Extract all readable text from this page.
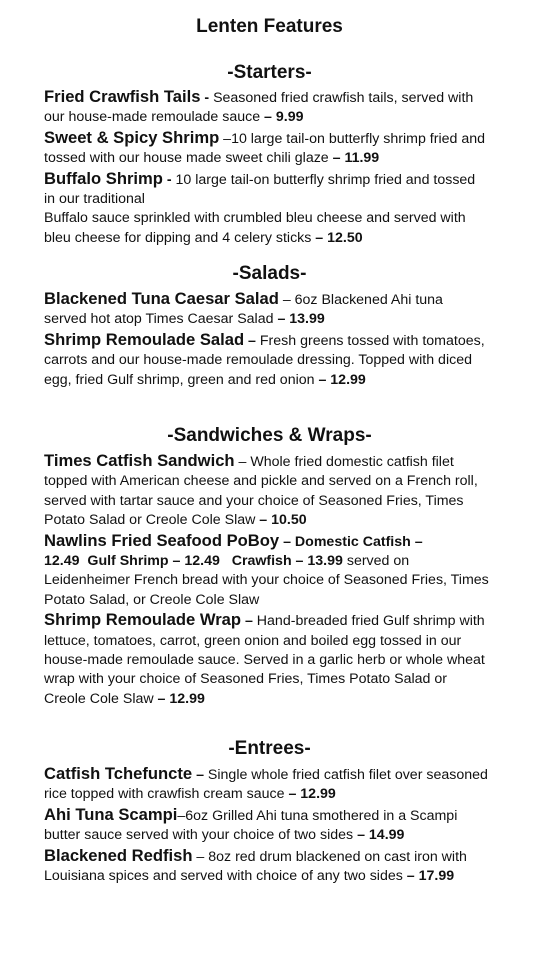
Lenten Features
-Starters-

Fried Crawfish Tails - Seasoned fried crawfish tails, served with our house-made remoulade sauce – 9.99

Sweet & Spicy Shrimp –10 large tail-on butterfly shrimp fried and tossed with our house made sweet chili glaze – 11.99

Buffalo Shrimp - 10 large tail-on butterfly shrimp fried and tossed in our traditional
Buffalo sauce sprinkled with crumbled bleu cheese and served with bleu cheese for dipping and 4 celery sticks – 12.50

-Salads-

Blackened Tuna Caesar Salad – 6oz Blackened Ahi tuna served hot atop Times Caesar Salad – 13.99

Shrimp Remoulade Salad – Fresh greens tossed with tomatoes, carrots and our house-made remoulade dressing. Topped with diced egg, fried Gulf shrimp, green and red onion – 12.99

-Sandwiches & Wraps-

Times Catfish Sandwich – Whole fried domestic catfish filet topped with American cheese and pickle and served on a French roll, served with tartar sauce and your choice of Seasoned Fries, Times Potato Salad or Creole Cole Slaw – 10.50

Nawlins Fried Seafood PoBoy – Domestic Catfish – 12.49 Gulf Shrimp – 12.49 Crawfish – 13.99 served on Leidenheimer French bread with your choice of Seasoned Fries, Times Potato Salad, or Creole Cole Slaw

Shrimp Remoulade Wrap – Hand-breaded fried Gulf shrimp with lettuce, tomatoes, carrot, green onion and boiled egg tossed in our house-made remoulade sauce. Served in a garlic herb or whole wheat wrap with your choice of Seasoned Fries, Times Potato Salad or Creole Cole Slaw – 12.99

-Entrees-

Catfish Tchefuncte – Single whole fried catfish filet over seasoned rice topped with crawfish cream sauce – 12.99

Ahi Tuna Scampi–6oz Grilled Ahi tuna smothered in a Scampi butter sauce served with your choice of two sides – 14.99

Blackened Redfish – 8oz red drum blackened on cast iron with Louisiana spices and served with choice of any two sides – 17.99
